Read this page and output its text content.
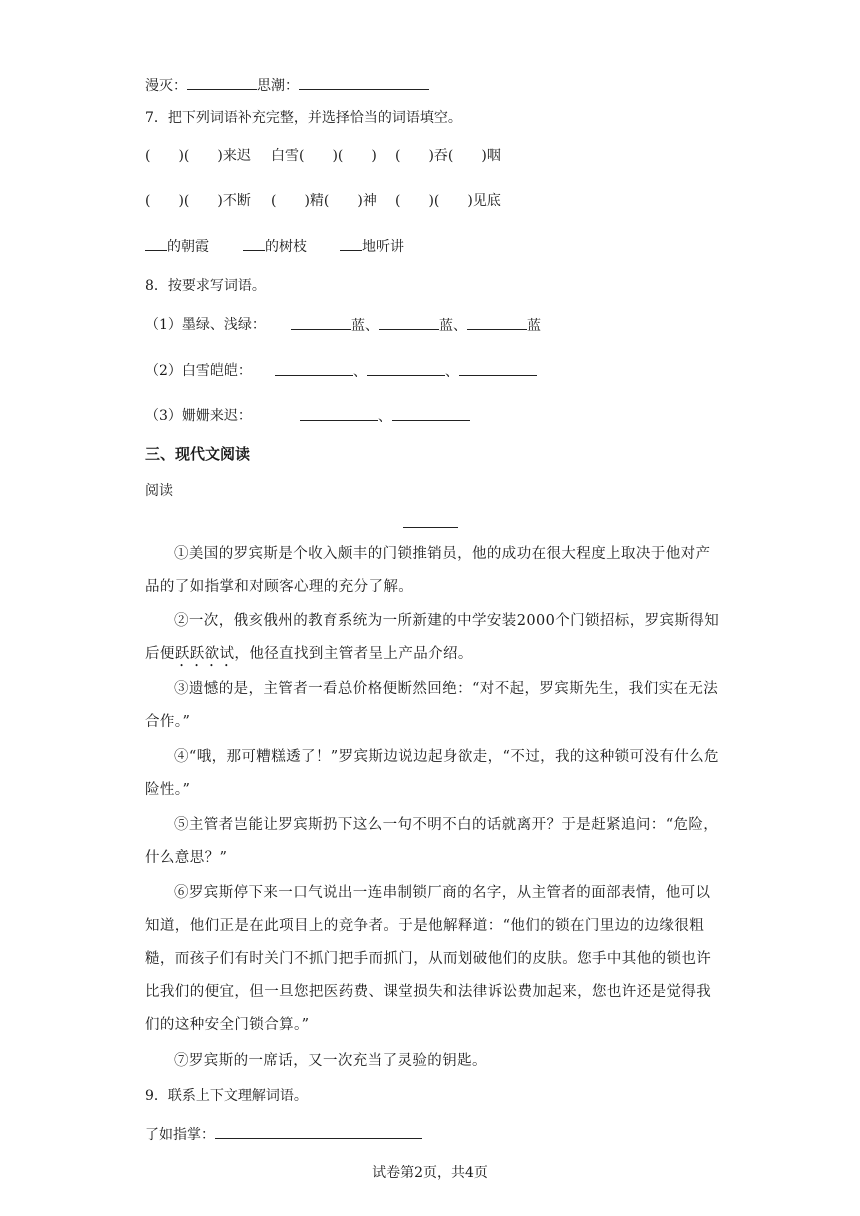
漫灭：	思潮：
7．把下列词语补充完整，并选择恰当的词语填空。
(　　)(　　)来迟 白雪(　　)(　　) (　　)吞(　　)咽
(　　)(　　)不断 (　　)精(　　)神 (　　)(　　)见底
的朝霞	的树枝	地听讲
8．按要求写词语。
（1）墨绿、浅绿：	蓝、	蓝、	蓝
（2）白雪皑皑：	、	、
（3）姗姗来迟：	、
三、现代文阅读
阅读
①美国的罗宾斯是个收入颇丰的门锁推销员，他的成功在很大程度上取决于他对产品的了如指掌和对顾客心理的充分了解。
②一次，俄亥俄州的教育系统为一所新建的中学安装2000个门锁招标，罗宾斯得知后便跃跃欲试，他径直找到主管者呈上产品介绍。
③遗憾的是，主管者一看总价格便断然回绝：“对不起，罗宾斯先生，我们实在无法合作。”
④“哦，那可糟糕透了！”罗宾斯边说边起身欲走，“不过，我的这种锁可没有什么危险性。”
⑤主管者岂能让罗宾斯扔下这么一句不明不白的话就离开？于是赶紧追问：“危险，什么意思？”
⑥罗宾斯停下来一口气说出一连串制锁厂商的名字，从主管者的面部表情，他可以知道，他们正是在此项目上的竞争者。于是他解释道：“他们的锁在门里边的边缘很粗糙，而孩子们有时关门不抓门把手而抓门，从而划破他们的皮肤。您手中其他的锁也许比我们的便宜，但一旦您把医药费、课堂损失和法律诉讼费加起来，您也许还是觉得我们的这种安全门锁合算。”
⑦罗宾斯的一席话，又一次充当了灵验的钥匙。
9．联系上下文理解词语。
了如指掌：
试卷第2页，共4页
